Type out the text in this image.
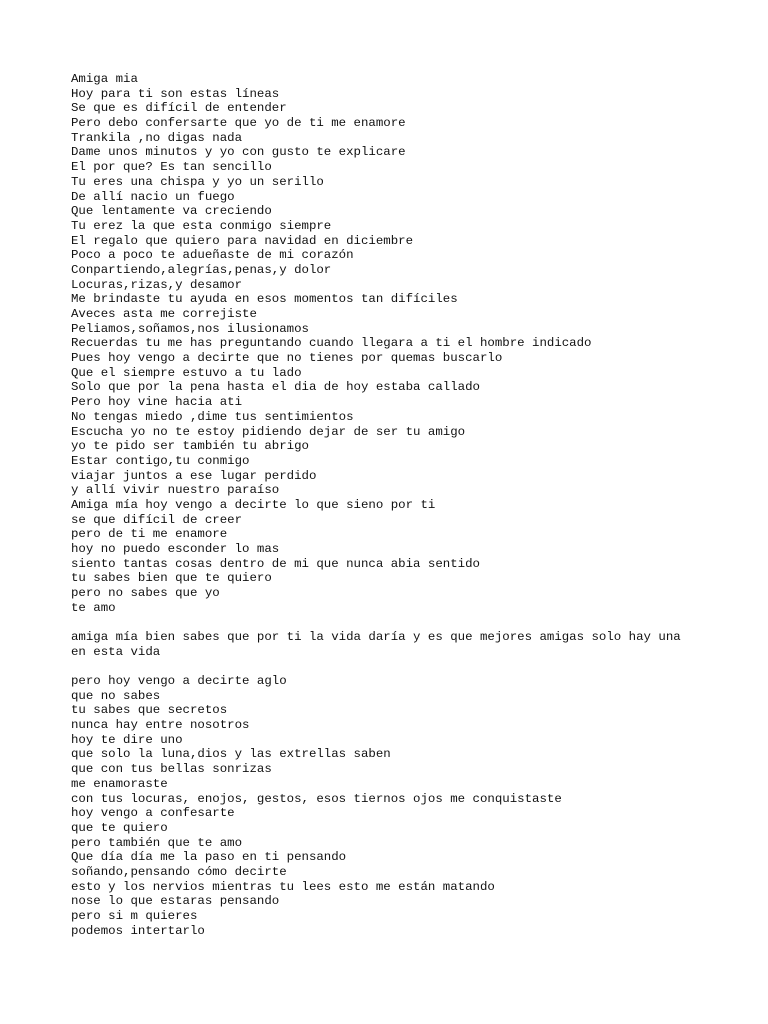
Amiga mia
Hoy para ti son estas líneas
Se que es difícil de entender
Pero debo confersarte que yo de ti me enamore
Trankila ,no digas nada
Dame unos minutos y yo con gusto te explicare
El por que? Es tan sencillo
Tu eres una chispa y yo un serillo
De allí nacio un fuego
Que lentamente va creciendo
Tu erez la que esta conmigo siempre
El regalo que quiero para navidad en diciembre
Poco a poco te adueñaste de mi corazón
Conpartiendo,alegrías,penas,y dolor
Locuras,rizas,y desamor
Me brindaste tu ayuda en esos momentos tan difíciles
Aveces asta me correjiste
Peliamos,soñamos,nos ilusionamos
Recuerdas tu me has preguntando cuando llegara a ti el hombre indicado
Pues hoy vengo a decirte que no tienes por quemas buscarlo
Que el siempre estuvo a tu lado
Solo que por la pena hasta el dia de hoy estaba callado
Pero hoy vine hacia ati
No tengas miedo ,dime tus sentimientos
Escucha yo no te estoy pidiendo dejar de ser tu amigo
yo te pido ser también tu abrigo
Estar contigo,tu conmigo
viajar juntos a ese lugar perdido
y allí vivir nuestro paraíso
Amiga mía hoy vengo a decirte lo que sieno por ti
se que difícil de creer
pero de ti me enamore
hoy no puedo esconder lo mas
siento tantas cosas dentro de mi que nunca abia sentido
tu sabes bien que te quiero
pero no sabes que yo
te amo
amiga mía bien sabes que por ti la vida daría y es que mejores amigas solo hay una
en esta vida
pero hoy vengo a decirte aglo
que no sabes
tu sabes que secretos
nunca hay entre nosotros
hoy te dire uno
que solo la luna,dios y las extrellas saben
que con tus bellas sonrizas
me enamoraste
con tus locuras, enojos, gestos, esos tiernos ojos me conquistaste
hoy vengo a confesarte
que te quiero
pero también que te amo
Que día día me la paso en ti pensando
soñando,pensando cómo decirte
esto y los nervios mientras tu lees esto me están matando
nose lo que estaras pensando
pero si m quieres
podemos intertarlo
